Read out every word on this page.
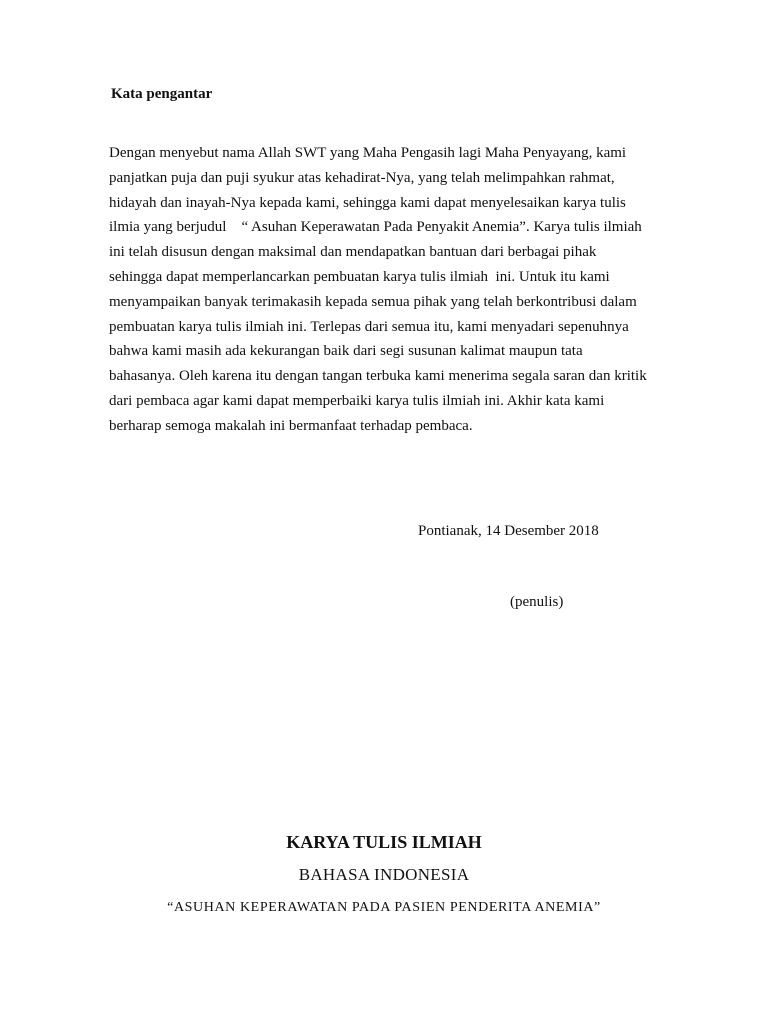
Kata pengantar
Dengan menyebut nama Allah SWT yang Maha Pengasih lagi Maha Penyayang, kami
panjatkan puja dan puji syukur atas kehadirat-Nya, yang telah melimpahkan rahmat,
hidayah dan inayah-Nya kepada kami, sehingga kami dapat menyelesaikan karya tulis
ilmia yang berjudul    “ Asuhan Keperawatan Pada Penyakit Anemia”. Karya tulis ilmiah
ini telah disusun dengan maksimal dan mendapatkan bantuan dari berbagai pihak
sehingga dapat memperlancarkan pembuatan karya tulis ilmiah  ini. Untuk itu kami
menyampaikan banyak terimakasih kepada semua pihak yang telah berkontribusi dalam
pembuatan karya tulis ilmiah ini. Terlepas dari semua itu, kami menyadari sepenuhnya
bahwa kami masih ada kekurangan baik dari segi susunan kalimat maupun tata
bahasanya. Oleh karena itu dengan tangan terbuka kami menerima segala saran dan kritik
dari pembaca agar kami dapat memperbaiki karya tulis ilmiah ini. Akhir kata kami
berharap semoga makalah ini bermanfaat terhadap pembaca.

Pontianak, 14 Desember 2018

(penulis)

KARYA TULIS ILMIAH

BAHASA INDONESIA

“ASUHAN KEPERAWATAN PADA PASIEN PENDERITA ANEMIA”
